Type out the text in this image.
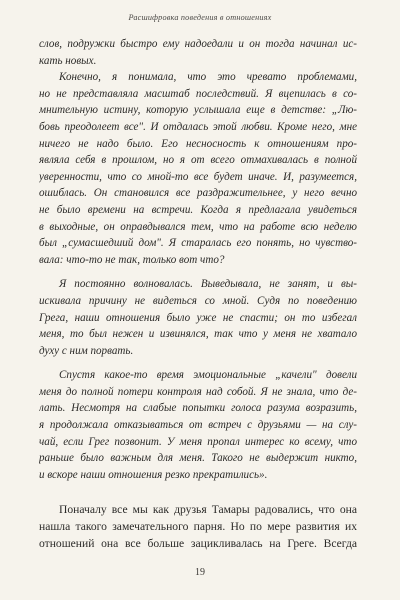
Расшифровка поведения в отношениях
слов, подружки быстро ему надоедали и он тогда начинал ис-
кать новых.
Конечно, я понимала, что это чревато проблемами,
но не представляла масштаб последствий. Я вцепилась в со-
мнительную истину, которую услышала еще в детстве: „Лю-
бовь преодолеет все". И отдалась этой любви. Кроме него, мне
ничего не надо было. Его несносность к отношениям про-
являла себя в прошлом, но я от всего отмахивалась в полной
уверенности, что со мной-то все будет иначе. И, разумеется,
ошиблась. Он становился все раздражительнее, у него вечно
не было времени на встречи. Когда я предлагала увидеться
в выходные, он оправдывался тем, что на работе всю неделю
был „сумасшедший дом". Я старалась его понять, но чувство-
вала: что-то не так, только вот что?
Я постоянно волновалась. Выведывала, не занят, и вы-
искивала причину не видеться со мной. Судя по поведению
Грега, наши отношения было уже не спасти; он то избегал
меня, то был нежен и извинялся, так что у меня не хватало
духу с ним порвать.
Спустя какое-то время эмоциональные „качели" довели
меня до полной потери контроля над собой. Я не знала, что де-
лать. Несмотря на слабые попытки голоса разума возразить,
я продолжала отказываться от встреч с друзьями — на слу-
чай, если Грег позвонит. У меня пропал интерес ко всему, что
раньше было важным для меня. Такого не выдержит никто,
и вскоре наши отношения резко прекратились».
Поначалу все мы как друзья Тамары радовались, что она
нашла такого замечательного парня. Но по мере развития их
отношений она все больше зацикливалась на Греге. Всегда
19
